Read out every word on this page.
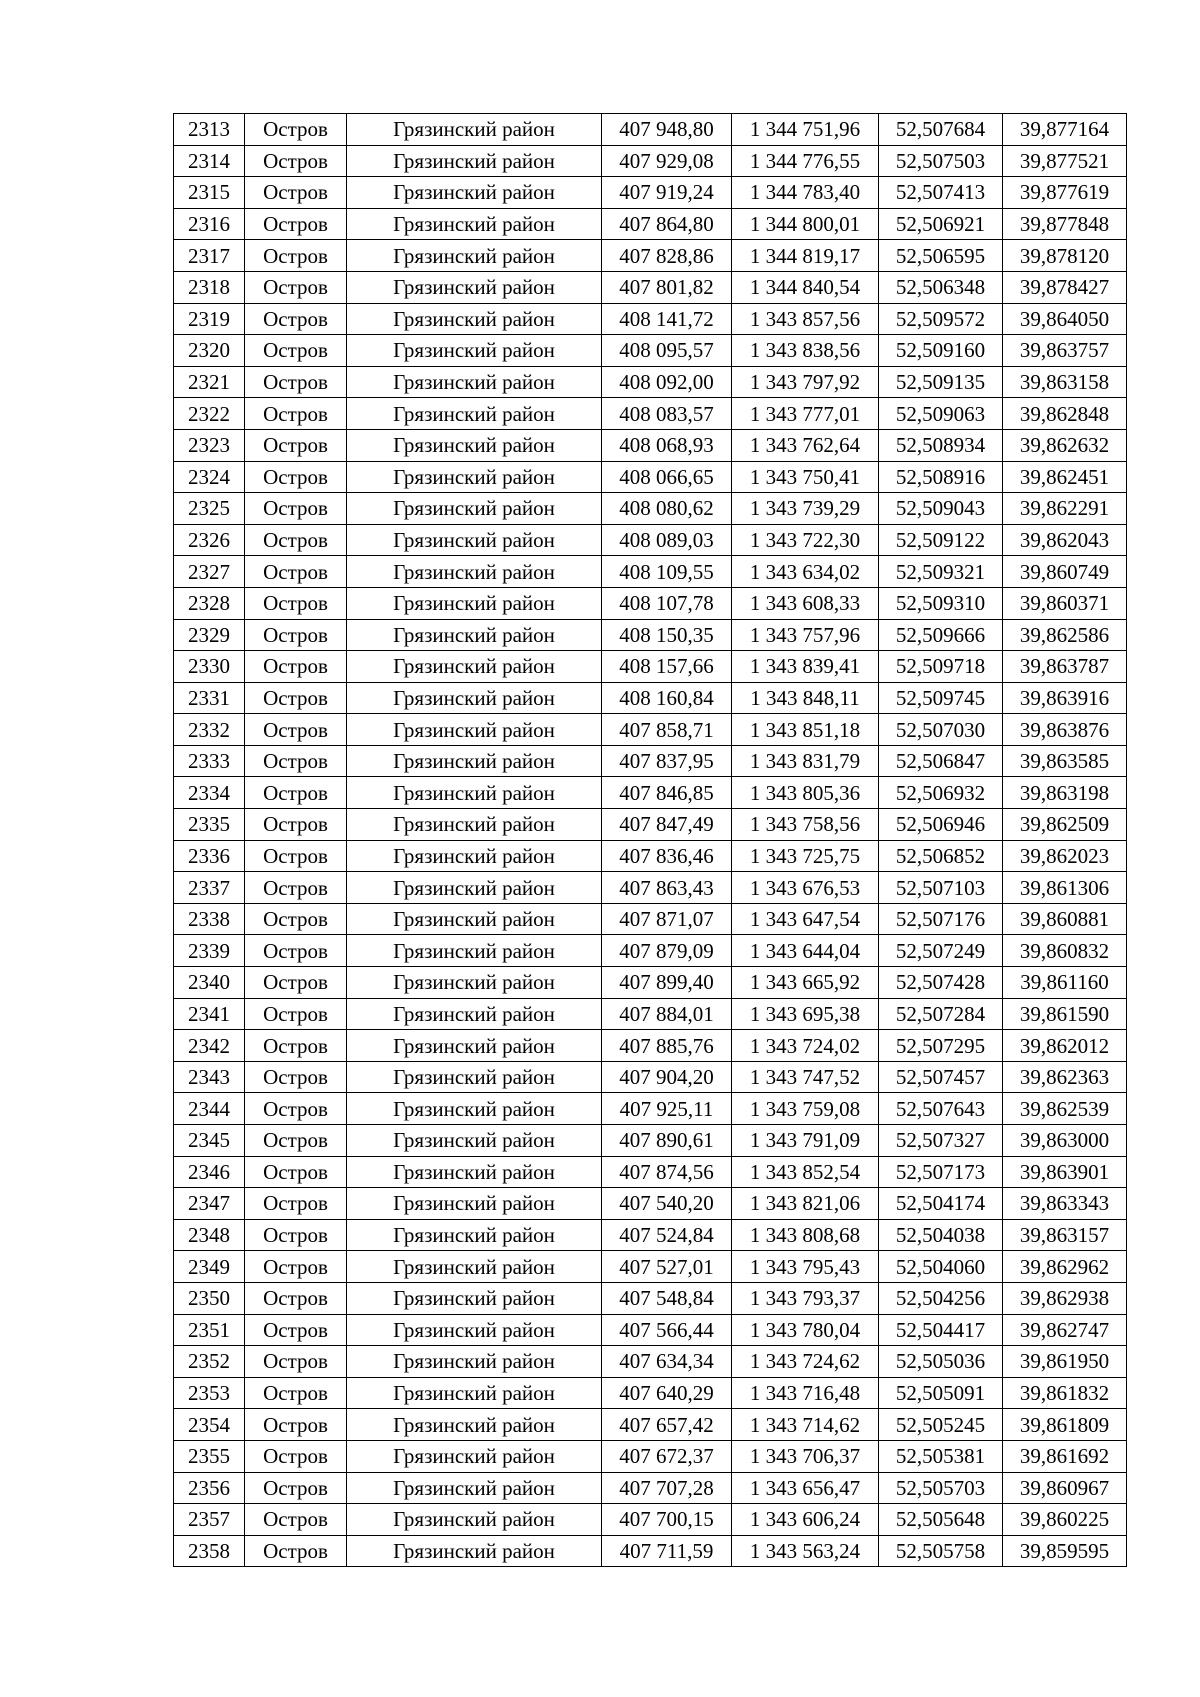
2313	Остров	Грязинский район	407 948,80	1 344 751,96	52,507684	39,877164
2314	Остров	Грязинский район	407 929,08	1 344 776,55	52,507503	39,877521
2315	Остров	Грязинский район	407 919,24	1 344 783,40	52,507413	39,877619
2316	Остров	Грязинский район	407 864,80	1 344 800,01	52,506921	39,877848
2317	Остров	Грязинский район	407 828,86	1 344 819,17	52,506595	39,878120
2318	Остров	Грязинский район	407 801,82	1 344 840,54	52,506348	39,878427
2319	Остров	Грязинский район	408 141,72	1 343 857,56	52,509572	39,864050
2320	Остров	Грязинский район	408 095,57	1 343 838,56	52,509160	39,863757
2321	Остров	Грязинский район	408 092,00	1 343 797,92	52,509135	39,863158
2322	Остров	Грязинский район	408 083,57	1 343 777,01	52,509063	39,862848
2323	Остров	Грязинский район	408 068,93	1 343 762,64	52,508934	39,862632
2324	Остров	Грязинский район	408 066,65	1 343 750,41	52,508916	39,862451
2325	Остров	Грязинский район	408 080,62	1 343 739,29	52,509043	39,862291
2326	Остров	Грязинский район	408 089,03	1 343 722,30	52,509122	39,862043
2327	Остров	Грязинский район	408 109,55	1 343 634,02	52,509321	39,860749
2328	Остров	Грязинский район	408 107,78	1 343 608,33	52,509310	39,860371
2329	Остров	Грязинский район	408 150,35	1 343 757,96	52,509666	39,862586
2330	Остров	Грязинский район	408 157,66	1 343 839,41	52,509718	39,863787
2331	Остров	Грязинский район	408 160,84	1 343 848,11	52,509745	39,863916
2332	Остров	Грязинский район	407 858,71	1 343 851,18	52,507030	39,863876
2333	Остров	Грязинский район	407 837,95	1 343 831,79	52,506847	39,863585
2334	Остров	Грязинский район	407 846,85	1 343 805,36	52,506932	39,863198
2335	Остров	Грязинский район	407 847,49	1 343 758,56	52,506946	39,862509
2336	Остров	Грязинский район	407 836,46	1 343 725,75	52,506852	39,862023
2337	Остров	Грязинский район	407 863,43	1 343 676,53	52,507103	39,861306
2338	Остров	Грязинский район	407 871,07	1 343 647,54	52,507176	39,860881
2339	Остров	Грязинский район	407 879,09	1 343 644,04	52,507249	39,860832
2340	Остров	Грязинский район	407 899,40	1 343 665,92	52,507428	39,861160
2341	Остров	Грязинский район	407 884,01	1 343 695,38	52,507284	39,861590
2342	Остров	Грязинский район	407 885,76	1 343 724,02	52,507295	39,862012
2343	Остров	Грязинский район	407 904,20	1 343 747,52	52,507457	39,862363
2344	Остров	Грязинский район	407 925,11	1 343 759,08	52,507643	39,862539
2345	Остров	Грязинский район	407 890,61	1 343 791,09	52,507327	39,863000
2346	Остров	Грязинский район	407 874,56	1 343 852,54	52,507173	39,863901
2347	Остров	Грязинский район	407 540,20	1 343 821,06	52,504174	39,863343
2348	Остров	Грязинский район	407 524,84	1 343 808,68	52,504038	39,863157
2349	Остров	Грязинский район	407 527,01	1 343 795,43	52,504060	39,862962
2350	Остров	Грязинский район	407 548,84	1 343 793,37	52,504256	39,862938
2351	Остров	Грязинский район	407 566,44	1 343 780,04	52,504417	39,862747
2352	Остров	Грязинский район	407 634,34	1 343 724,62	52,505036	39,861950
2353	Остров	Грязинский район	407 640,29	1 343 716,48	52,505091	39,861832
2354	Остров	Грязинский район	407 657,42	1 343 714,62	52,505245	39,861809
2355	Остров	Грязинский район	407 672,37	1 343 706,37	52,505381	39,861692
2356	Остров	Грязинский район	407 707,28	1 343 656,47	52,505703	39,860967
2357	Остров	Грязинский район	407 700,15	1 343 606,24	52,505648	39,860225
2358	Остров	Грязинский район	407 711,59	1 343 563,24	52,505758	39,859595
